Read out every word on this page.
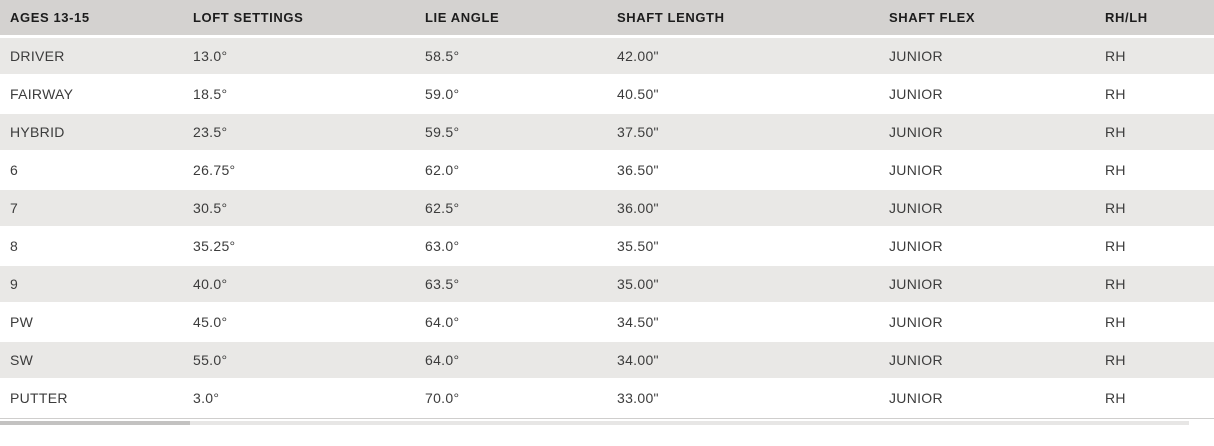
AGES 13-15	LOFT SETTINGS	LIE ANGLE	SHAFT LENGTH	SHAFT FLEX	RH/LH
DRIVER	13.0°	58.5°	42.00"	JUNIOR	RH
FAIRWAY	18.5°	59.0°	40.50"	JUNIOR	RH
HYBRID	23.5°	59.5°	37.50"	JUNIOR	RH
6	26.75°	62.0°	36.50"	JUNIOR	RH
7	30.5°	62.5°	36.00"	JUNIOR	RH
8	35.25°	63.0°	35.50"	JUNIOR	RH
9	40.0°	63.5°	35.00"	JUNIOR	RH
PW	45.0°	64.0°	34.50"	JUNIOR	RH
SW	55.0°	64.0°	34.00"	JUNIOR	RH
PUTTER	3.0°	70.0°	33.00"	JUNIOR	RH
